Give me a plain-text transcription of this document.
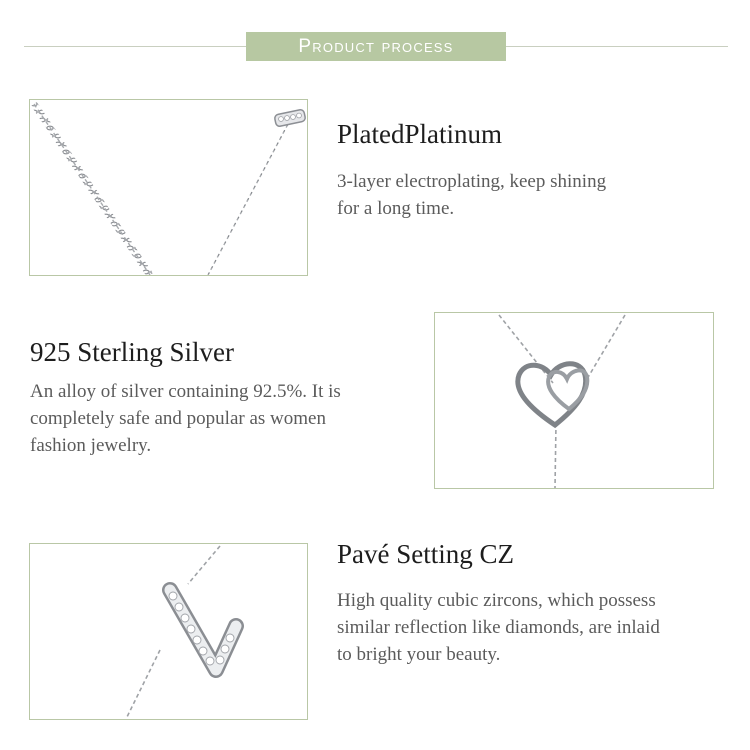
Product process
PlatedPlatinum
3-layer electroplating, keep shining
for a long time.
925 Sterling Silver
An alloy of silver containing 92.5%. It is
completely safe and popular as women
fashion jewelry.
Pavé Setting CZ
High quality cubic zircons, which possess
similar reflection like diamonds, are inlaid
to bright your beauty.
